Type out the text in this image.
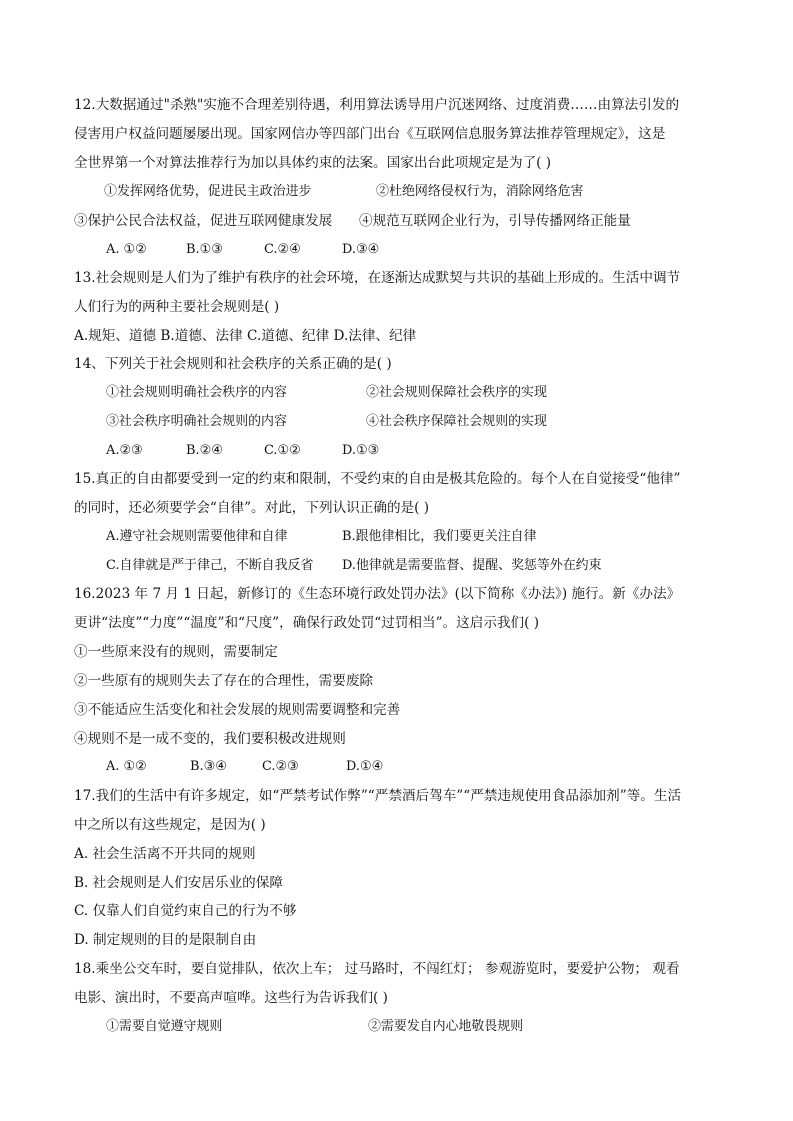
12.大数据通过"杀熟"实施不合理差别待遇，利用算法诱导用户沉迷网络、过度消费……由算法引发的
侵害用户权益问题屡屡出现。国家网信办等四部门出台《互联网信息服务算法推荐管理规定》，这是
全世界第一个对算法推荐行为加以具体约束的法案。国家出台此项规定是为了( )
①发挥网络优势，促进民主政治进步	②杜绝网络侵权行为，消除网络危害
③保护公民合法权益，促进互联网健康发展 ④规范互联网企业行为，引导传播网络正能量
A. ①②	B.①③	C.②④	D.③④
13.社会规则是人们为了维护有秩序的社会环境，在逐渐达成默契与共识的基础上形成的。生活中调节
人们行为的两种主要社会规则是( )
A.规矩、道德 B.道德、法律 C.道德、纪律 D.法律、纪律
14、下列关于社会规则和社会秩序的关系正确的是( )
①社会规则明确社会秩序的内容	②社会规则保障社会秩序的实现
③社会秩序明确社会规则的内容	④社会秩序保障社会规则的实现
A.②③	B.②④	C.①②	D.①③
15.真正的自由都要受到一定的约束和限制，不受约束的自由是极其危险的。每个人在自觉接受“他律”
的同时，还必须要学会“自律”。对此，下列认识正确的是( )
A.遵守社会规则需要他律和自律	B.跟他律相比，我们要更关注自律
C.自律就是严于律己，不断自我反省 D.他律就是需要监督、提醒、奖惩等外在约束
16.2023 年 7 月 1 日起，新修订的《生态环境行政处罚办法》(以下简称《办法》) 施行。新《办法》
更讲“法度”“力度”“温度”和“尺度”，确保行政处罚“过罚相当”。这启示我们( )
①一些原来没有的规则，需要制定
②一些原有的规则失去了存在的合理性，需要废除
③不能适应生活变化和社会发展的规则需要调整和完善
④规则不是一成不变的，我们要积极改进规则
A. ①②	B.③④	C.②③	D.①④
17.我们的生活中有许多规定，如“严禁考试作弊”“严禁酒后驾车”“严禁违规使用食品添加剂”等。生活
中之所以有这些规定，是因为( )
A. 社会生活离不开共同的规则
B. 社会规则是人们安居乐业的保障
C. 仅靠人们自觉约束自己的行为不够
D. 制定规则的目的是限制自由
18.乘坐公交车时，要自觉排队，依次上车； 过马路时，不闯红灯； 参观游览时，要爱护公物； 观看
电影、演出时，不要高声喧哗。这些行为告诉我们( )
①需要自觉遵守规则	②需要发自内心地敬畏规则
